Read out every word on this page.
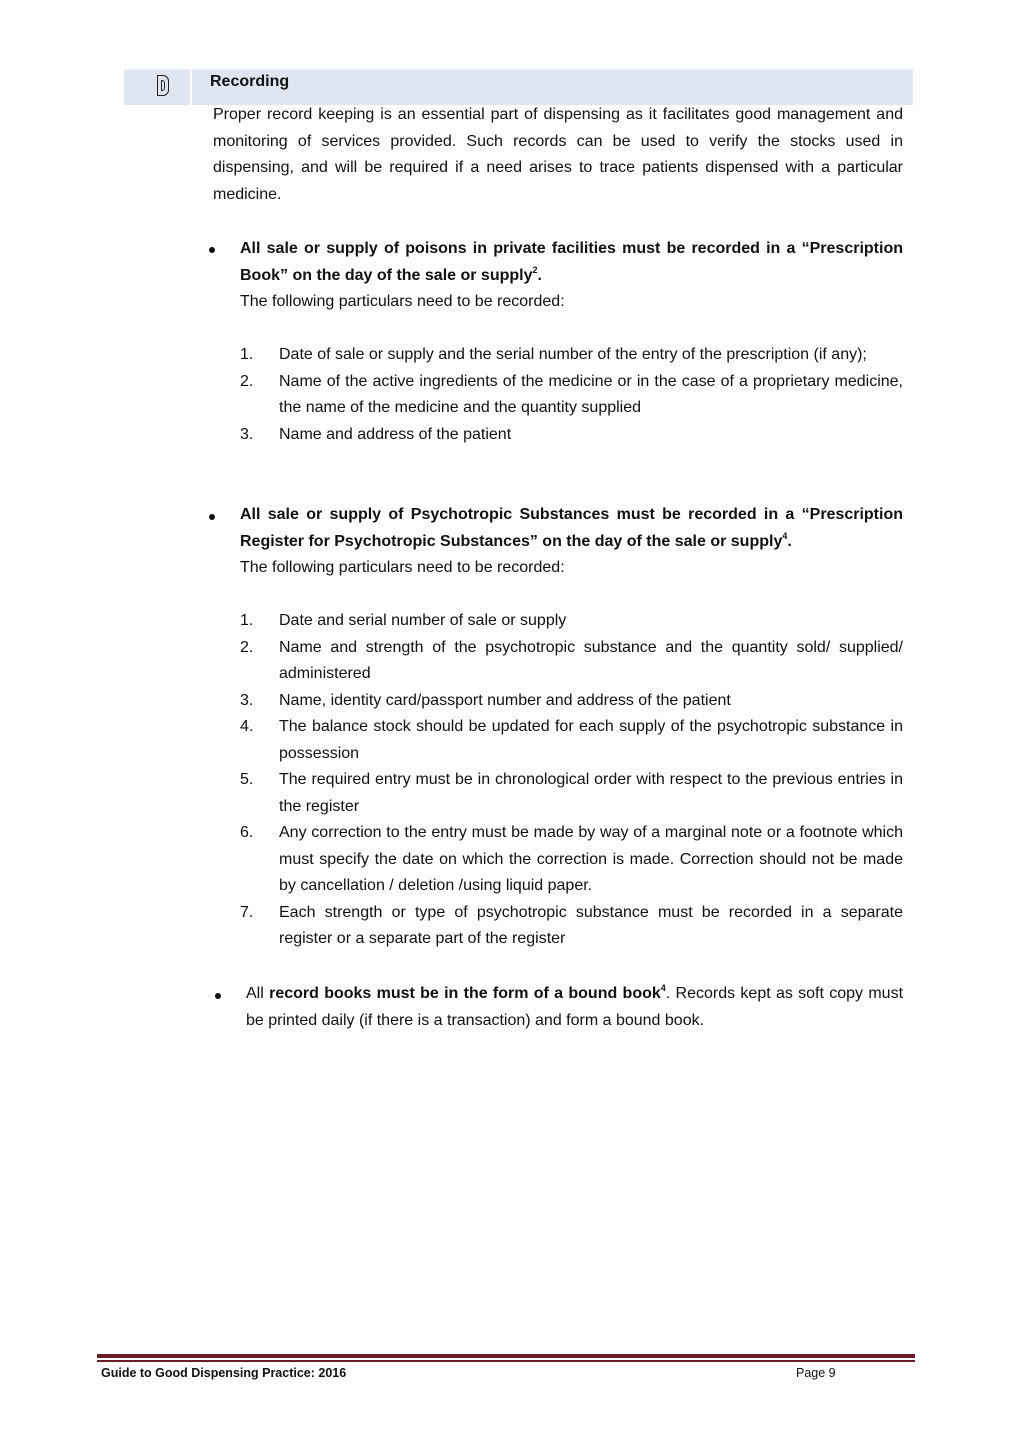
Recording
Proper record keeping is an essential part of dispensing as it facilitates good management and monitoring of services provided. Such records can be used to verify the stocks used in dispensing, and will be required if a need arises to trace patients dispensed with a particular medicine.
All sale or supply of poisons in private facilities must be recorded in a “Prescription Book” on the day of the sale or supply$^2$.
The following particulars need to be recorded:
1.	Date of sale or supply and the serial number of the entry of the prescription (if any);
2.	Name of the active ingredients of the medicine or in the case of a proprietary medicine, the name of the medicine and the quantity supplied
3.	Name and address of the patient
All sale or supply of Psychotropic Substances must be recorded in a “Prescription Register for Psychotropic Substances” on the day of the sale or supply$^4$.
The following particulars need to be recorded:
1.	Date and serial number of sale or supply
2.	Name and strength of the psychotropic substance and the quantity sold/ supplied/ administered
3.	Name, identity card/passport number and address of the patient
4.	The balance stock should be updated for each supply of the psychotropic substance in possession
5.	The required entry must be in chronological order with respect to the previous entries in the register
6.	Any correction to the entry must be made by way of a marginal note or a footnote which must specify the date on which the correction is made. Correction should not be made by cancellation / deletion /using liquid paper.
7.	Each strength or type of psychotropic substance must be recorded in a separate register or a separate part of the register
All record books must be in the form of a bound book$^4$. Records kept as soft copy must be printed daily (if there is a transaction) and form a bound book.
Guide to Good Dispensing Practice: 2016	Page 9
